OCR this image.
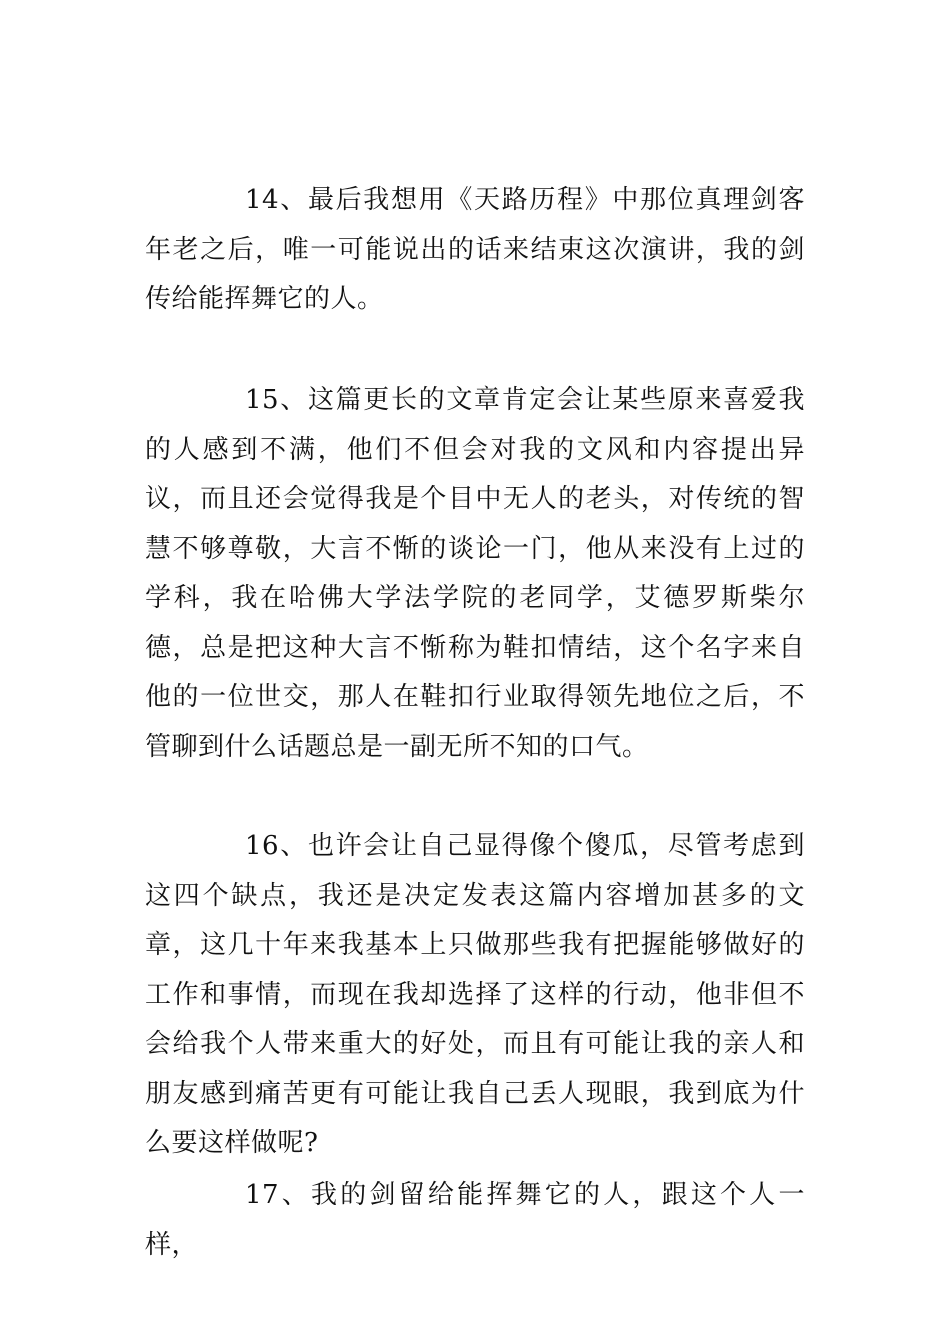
14、最后我想用《天路历程》中那位真理剑客年老之后，唯一可能说出的话来结束这次演讲，我的剑传给能挥舞它的人。

15、这篇更长的文章肯定会让某些原来喜爱我的人感到不满，他们不但会对我的文风和内容提出异议，而且还会觉得我是个目中无人的老头，对传统的智慧不够尊敬，大言不惭的谈论一门，他从来没有上过的学科，我在哈佛大学法学院的老同学，艾德罗斯柴尔德，总是把这种大言不惭称为鞋扣情结，这个名字来自他的一位世交，那人在鞋扣行业取得领先地位之后，不管聊到什么话题总是一副无所不知的口气。

16、也许会让自己显得像个傻瓜，尽管考虑到这四个缺点，我还是决定发表这篇内容增加甚多的文章，这几十年来我基本上只做那些我有把握能够做好的工作和事情，而现在我却选择了这样的行动，他非但不会给我个人带来重大的好处，而且有可能让我的亲人和朋友感到痛苦更有可能让我自己丢人现眼，我到底为什么要这样做呢?

17、我的剑留给能挥舞它的人，跟这个人一样，
